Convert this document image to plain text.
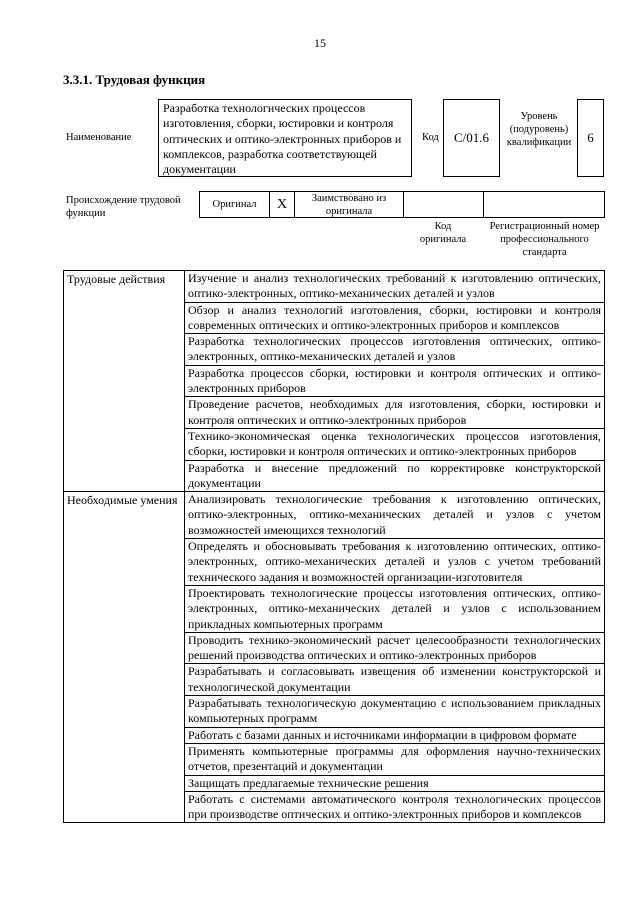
15
3.3.1. Трудовая функция
Наименование
Разработка технологических процессов изготовления, сборки, юстировки и контроля оптических и оптико-электронных приборов и комплексов, разработка соответствующей документации
Код	C/01.6
Уровень (подуровень) квалификации	6
Происхождение трудовой функции
Оригинал	X	Заимствовано из оригинала
Код оригинала
Регистрационный номер профессионального стандарта
Трудовые действия	Изучение и анализ технологических требований к изготовлению оптических, оптико-электронных, оптико-механических деталей и узлов
	Обзор и анализ технологий изготовления, сборки, юстировки и контроля современных оптических и оптико-электронных приборов и комплексов
	Разработка технологических процессов изготовления оптических, оптико-электронных, оптико-механических деталей и узлов
	Разработка процессов сборки, юстировки и контроля оптических и оптико-электронных приборов
	Проведение расчетов, необходимых для изготовления, сборки, юстировки и контроля оптических и оптико-электронных приборов
	Технико-экономическая оценка технологических процессов изготовления, сборки, юстировки и контроля оптических и оптико-электронных приборов
	Разработка и внесение предложений по корректировке конструкторской документации
Необходимые умения	Анализировать технологические требования к изготовлению оптических, оптико-электронных, оптико-механических деталей и узлов с учетом возможностей имеющихся технологий
	Определять и обосновывать требования к изготовлению оптических, оптико-электронных, оптико-механических деталей и узлов с учетом требований технического задания и возможностей организации-изготовителя
	Проектировать технологические процессы изготовления оптических, оптико-электронных, оптико-механических деталей и узлов с использованием прикладных компьютерных программ
	Проводить технико-экономический расчет целесообразности технологических решений производства оптических и оптико-электронных приборов
	Разрабатывать и согласовывать извещения об изменении конструкторской и технологической документации
	Разрабатывать технологическую документацию с использованием прикладных компьютерных программ
	Работать с базами данных и источниками информации в цифровом формате
	Применять компьютерные программы для оформления научно-технических отчетов, презентаций и документации
	Защищать предлагаемые технические решения
	Работать с системами автоматического контроля технологических процессов при производстве оптических и оптико-электронных приборов и комплексов
